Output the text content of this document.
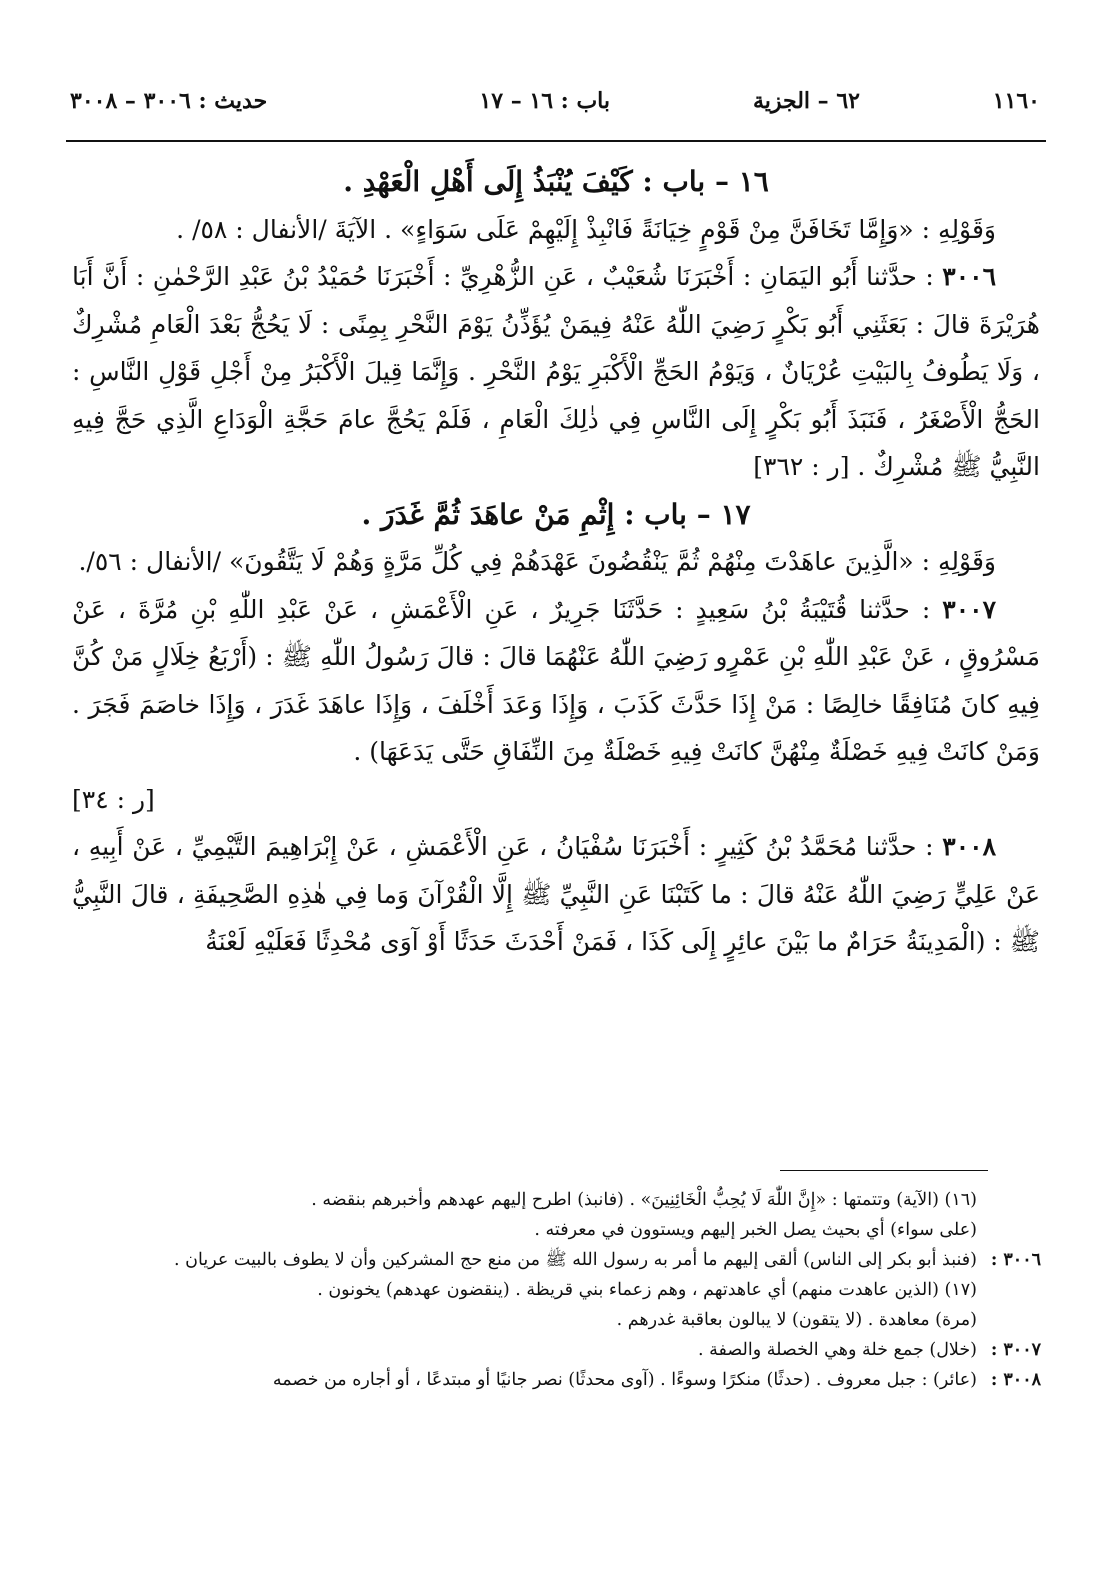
١١٦٠
٦٢ – الجزية
باب : ١٦ – ١٧
حديث : ٣٠٠٦ – ٣٠٠٨

١٦ – باب : كَيْفَ يُنْبَذُ إِلَى أَهْلِ الْعَهْدِ .

وَقَوْلِهِ : «وَإِمَّا تَخَافَنَّ مِنْ قَوْمٍ خِيَانَةً فَانْبِذْ إِلَيْهِمْ عَلَى سَوَاءٍ» . الآيَةَ /الأنفال : ٥٨/ .

٣٠٠٦ : حدَّثنا أَبُو اليَمَانِ : أَخْبَرَنَا شُعَيْبٌ ، عَنِ الزُّهْرِيِّ : أَخْبَرَنَا حُمَيْدُ بْنُ عَبْدِ الرَّحْمٰنِ : أَنَّ أَبَا هُرَيْرَةَ قالَ : بَعَثَنِي أَبُو بَكْرٍ رَضِيَ اللّٰهُ عَنْهُ فِيمَنْ يُؤَذِّنُ يَوْمَ النَّحْرِ بِمِنًى : لَا يَحُجُّ بَعْدَ الْعَامِ مُشْرِكٌ ، وَلَا يَطُوفُ بِالبَيْتِ عُرْيَانٌ ، وَيَوْمُ الحَجِّ الْأَكْبَرِ يَوْمُ النَّحْرِ . وَإِنَّمَا قِيلَ الْأَكْبَرُ مِنْ أَجْلِ قَوْلِ النَّاسِ : الحَجُّ الْأَصْغَرُ ، فَنَبَذَ أَبُو بَكْرٍ إِلَى النَّاسِ فِي ذٰلِكَ الْعَامِ ، فَلَمْ يَحُجَّ عامَ حَجَّةِ الْوَدَاعِ الَّذِي حَجَّ فِيهِ النَّبِيُّ ﷺ مُشْرِكٌ . [ر : ٣٦٢]

١٧ – باب : إِثْمِ مَنْ عاهَدَ ثُمَّ غَدَرَ .

وَقَوْلِهِ : «الَّذِينَ عاهَدْتَ مِنْهُمْ ثُمَّ يَنْقُضُونَ عَهْدَهُمْ فِي كُلِّ مَرَّةٍ وَهُمْ لَا يَتَّقُونَ» /الأنفال : ٥٦/.

٣٠٠٧ : حدَّثنا قُتَيْبَةُ بْنُ سَعِيدٍ : حَدَّثَنَا جَرِيرٌ ، عَنِ الْأَعْمَشِ ، عَنْ عَبْدِ اللّٰهِ بْنِ مُرَّةَ ، عَنْ مَسْرُوقٍ ، عَنْ عَبْدِ اللّٰهِ بْنِ عَمْرٍو رَضِيَ اللّٰهُ عَنْهُمَا قالَ : قالَ رَسُولُ اللّٰهِ ﷺ : (أَرْبَعُ خِلَالٍ مَنْ كُنَّ فِيهِ كانَ مُنَافِقًا خالِصًا : مَنْ إِذَا حَدَّثَ كَذَبَ ، وَإِذَا وَعَدَ أَخْلَفَ ، وَإِذَا عاهَدَ غَدَرَ ، وَإِذَا خاصَمَ فَجَرَ . وَمَنْ كانَتْ فِيهِ خَصْلَةٌ مِنْهُنَّ كانَتْ فِيهِ خَصْلَةٌ مِنَ النِّفَاقِ حَتَّى يَدَعَهَا) .

[ر : ٣٤]

٣٠٠٨ : حدَّثنا مُحَمَّدُ بْنُ كَثِيرٍ : أَخْبَرَنَا سُفْيَانُ ، عَنِ الْأَعْمَشِ ، عَنْ إِبْرَاهِيمَ التَّيْمِيِّ ، عَنْ أَبِيهِ ، عَنْ عَلِيٍّ رَضِيَ اللّٰهُ عَنْهُ قالَ : ما كَتَبْنَا عَنِ النَّبِيِّ ﷺ إِلَّا الْقُرْآنَ وَما فِي هٰذِهِ الصَّحِيفَةِ ، قالَ النَّبِيُّ ﷺ : (الْمَدِينَةُ حَرَامٌ ما بَيْنَ عائِرٍ إِلَى كَذَا ، فَمَنْ أَحْدَثَ حَدَثًا أَوْ آوَى مُحْدِثًا فَعَلَيْهِ لَعْنَةُ

(١٦) (الآية) وتتمتها : «إِنَّ اللّٰهَ لَا يُحِبُّ الْخَائِنِينَ» . (فانبذ) اطرح إليهم عهدهم وأخبرهم بنقضه .

(على سواء) أي بحيث يصل الخبر إليهم ويستوون في معرفته .

٣٠٠٦ :

(فنبذ أبو بكر إلى الناس) ألقى إليهم ما أمر به رسول الله ﷺ من منع حج المشركين وأن لا يطوف بالبيت عريان .

(١٧) (الذين عاهدت منهم) أي عاهدتهم ، وهم زعماء بني قريظة . (ينقضون عهدهم) يخونون .

(مرة) معاهدة . (لا يتقون) لا يبالون بعاقبة غدرهم .

٣٠٠٧ :

(خلال) جمع خلة وهي الخصلة والصفة .

٣٠٠٨ :

(عائر) : جبل معروف . (حدثًا) منكرًا وسوءًا . (آوى محدثًا) نصر جانيًا أو مبتدعًا ، أو أجاره من خصمه
